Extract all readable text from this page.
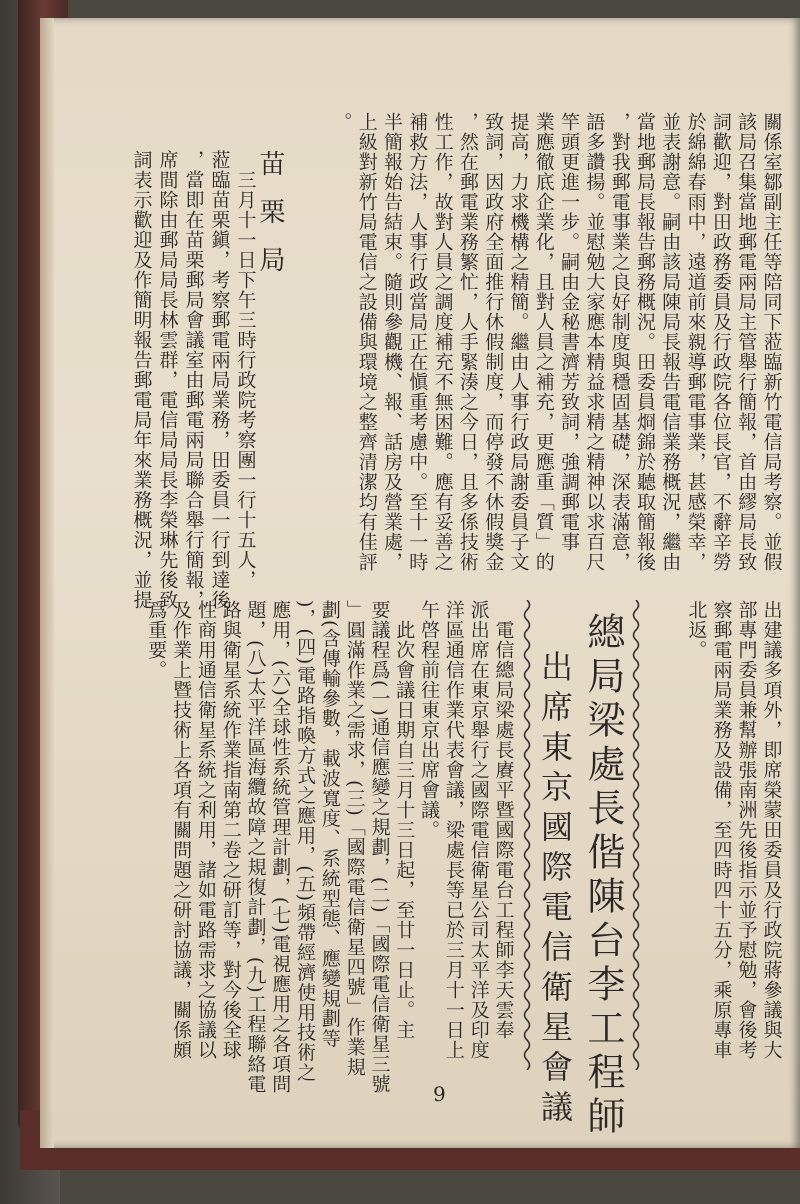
關係室鄒副主任等陪同下蒞臨新竹電信局考察。並假
該局召集當地郵電兩局主管舉行簡報，首由繆局長致
詞歡迎，對田政務委員及行政院各位長官，不辭辛勞
於綿綿春雨中，遠道前來親導郵電事業，甚感榮幸，
並表謝意。嗣由該局陳局長報告電信業務概況，繼由
當地郵局長報告郵務概況。田委員烱錦於聽取簡報後
，對我郵電事業之良好制度與穩固基礎，深表滿意，
語多讚揚。並慰勉大家應本精益求精之精神以求百尺
竿頭更進一步。嗣由金秘書濟芳致詞，強調郵電事
業應徹底企業化，且對人員之補充，更應重「質」的
提高，力求機構之精簡。繼由人事行政局謝委員子文
致詞，因政府全面推行休假制度，而停發不休假獎金
，然在郵電業務繁忙，人手緊湊之今日，且多係技術
性工作，故對人員之調度補充不無困難。應有妥善之
補救方法，人事行政當局正在愼重考慮中。至十一時
半簡報始告結束。隨則參觀機、報、話房及營業處，
上級對新竹局電信之設備與環境之整齊清潔均有佳評
。
苗栗局
　三月十一日下午三時行政院考察團一行十五人，
蒞臨苗栗鎭，考察郵電兩局業務，田委員一行到達後
，當即在苗栗郵局會議室由郵電兩局聯合舉行簡報，
席間除由郵局局長林雲群，電信局局長李榮琳先後致
詞表示歡迎及作簡明報告郵電局年來業務概況，並提
出建議多項外，即席榮蒙田委員及行政院蔣參議與大
部專門委員兼幫辦張南洲先後指示並予慰勉，會後考
察郵電兩局業務及設備，至四時四十五分，乘原專車
北返。
總局梁處長偕陳台李工程師
出席東京國際電信衛星會議
　電信總局梁處長賡平暨國際電台工程師李天雲奉
派出席在東京舉行之國際電信衛星公司太平洋及印度
洋區通信作業代表會議，梁處長等已於三月十一日上
午啓程前往東京出席會議。
　此次會議日期自三月十三日起，至廿一日止。主
要議程爲(一)通信應變之規劃，(二)「國際電信衛星三號
」圓滿作業之需求，(三)「國際電信衛星四號」作業規
劃(含傳輸參數，載波寬度、系統型態、應變規劃等
)，(四)電路指喚方式之應用，(五)頻帶經濟使用技術之
應用，(六)全球性系統管理計劃，(七)電視應用之各項問
題，(八)太平洋區海纜故障之規復計劃，(九)工程聯絡電
路與衛星系統作業指南第二卷之研訂等，對今後全球
性商用通信衛星系統之利用，諸如電路需求之協議以
及作業上暨技術上各項有關問題之研討協議，關係頗
爲重要。
9
